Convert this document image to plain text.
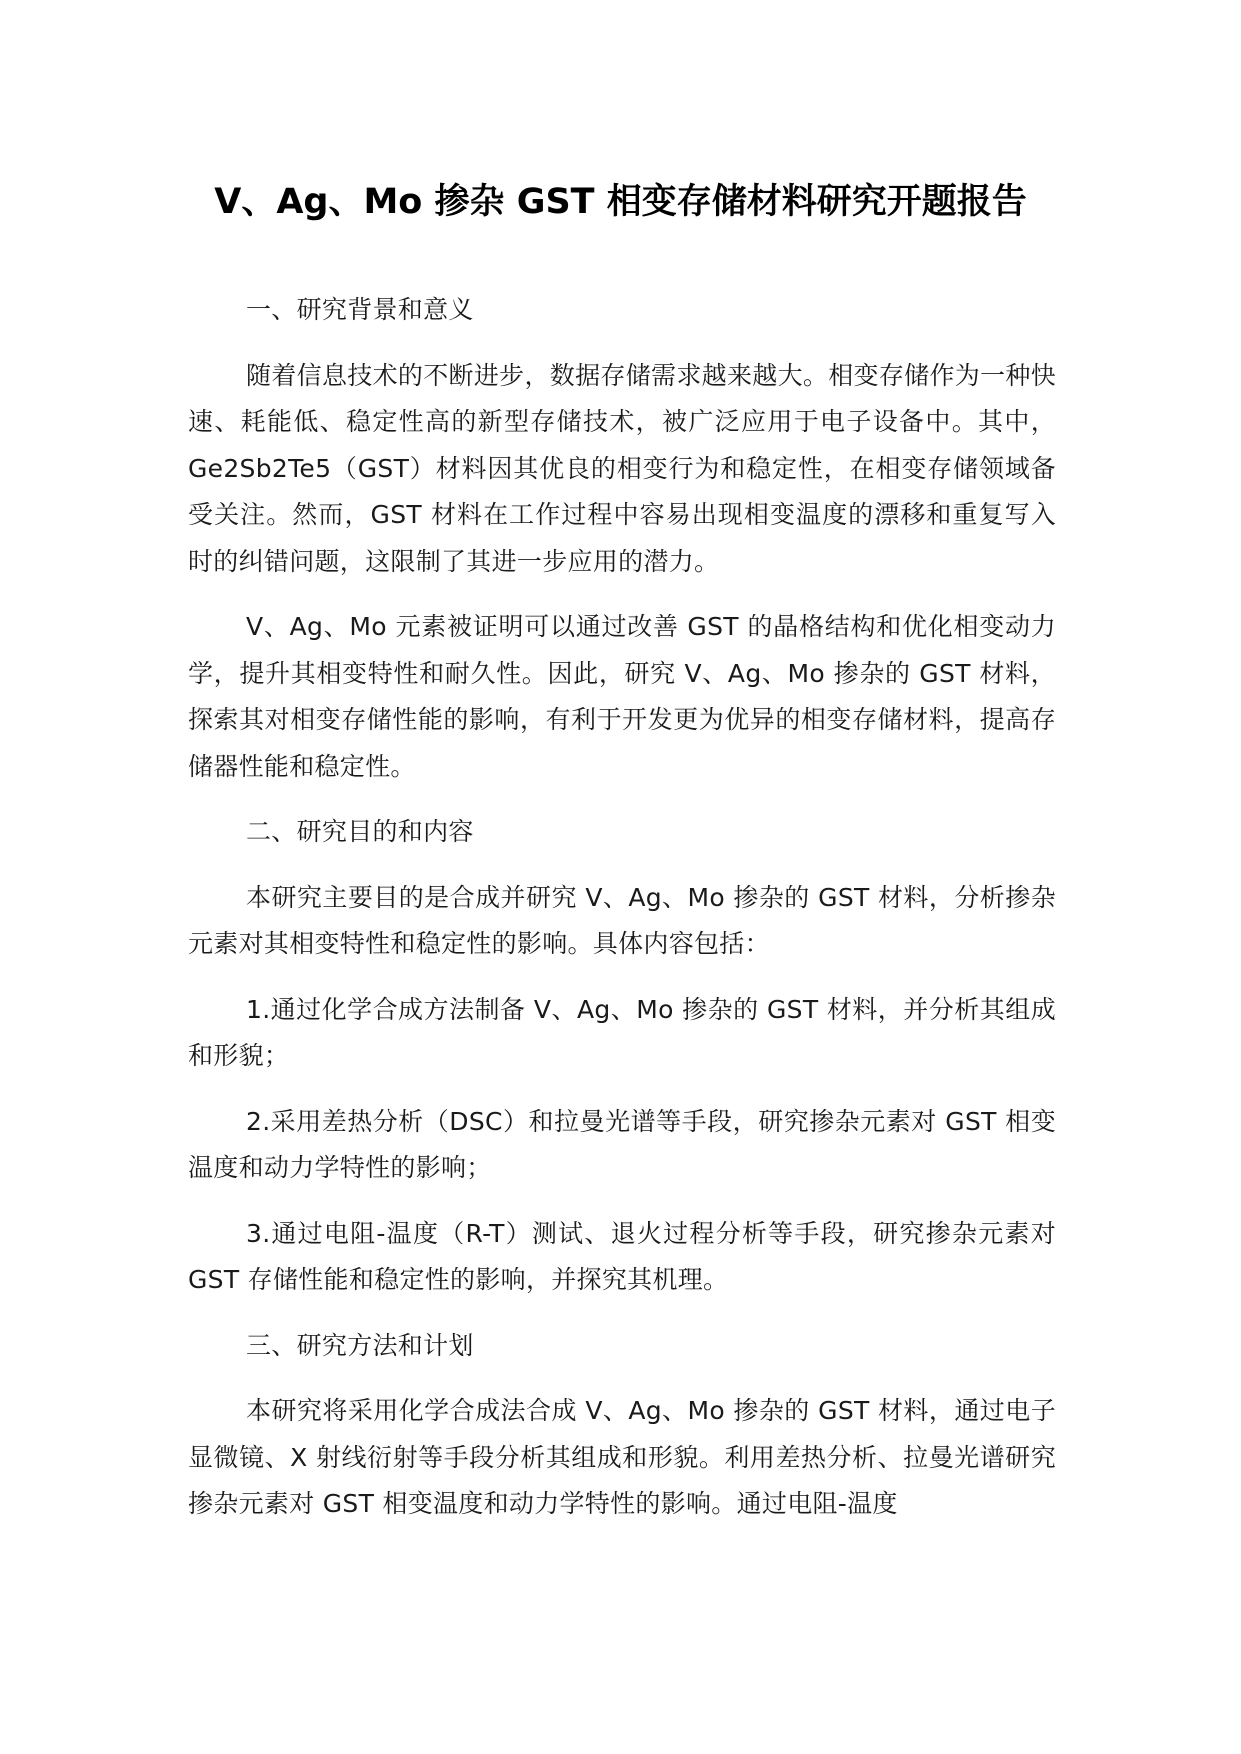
V、Ag、Mo 掺杂 GST 相变存储材料研究开题报告

一、研究背景和意义

随着信息技术的不断进步，数据存储需求越来越大。相变存储作为一种快速、耗能低、稳定性高的新型存储技术，被广泛应用于电子设备中。其中，Ge2Sb2Te5（GST）材料因其优良的相变行为和稳定性，在相变存储领域备受关注。然而，GST 材料在工作过程中容易出现相变温度的漂移和重复写入时的纠错问题，这限制了其进一步应用的潜力。

V、Ag、Mo 元素被证明可以通过改善 GST 的晶格结构和优化相变动力学，提升其相变特性和耐久性。因此，研究 V、Ag、Mo 掺杂的 GST 材料，探索其对相变存储性能的影响，有利于开发更为优异的相变存储材料，提高存储器性能和稳定性。

二、研究目的和内容

本研究主要目的是合成并研究 V、Ag、Mo 掺杂的 GST 材料，分析掺杂元素对其相变特性和稳定性的影响。具体内容包括：

1.通过化学合成方法制备 V、Ag、Mo 掺杂的 GST 材料，并分析其组成和形貌；

2.采用差热分析（DSC）和拉曼光谱等手段，研究掺杂元素对 GST 相变温度和动力学特性的影响；

3.通过电阻-温度（R-T）测试、退火过程分析等手段，研究掺杂元素对 GST 存储性能和稳定性的影响，并探究其机理。

三、研究方法和计划

本研究将采用化学合成法合成 V、Ag、Mo 掺杂的 GST 材料，通过电子显微镜、X 射线衍射等手段分析其组成和形貌。利用差热分析、拉曼光谱研究掺杂元素对 GST 相变温度和动力学特性的影响。通过电阻-温度
